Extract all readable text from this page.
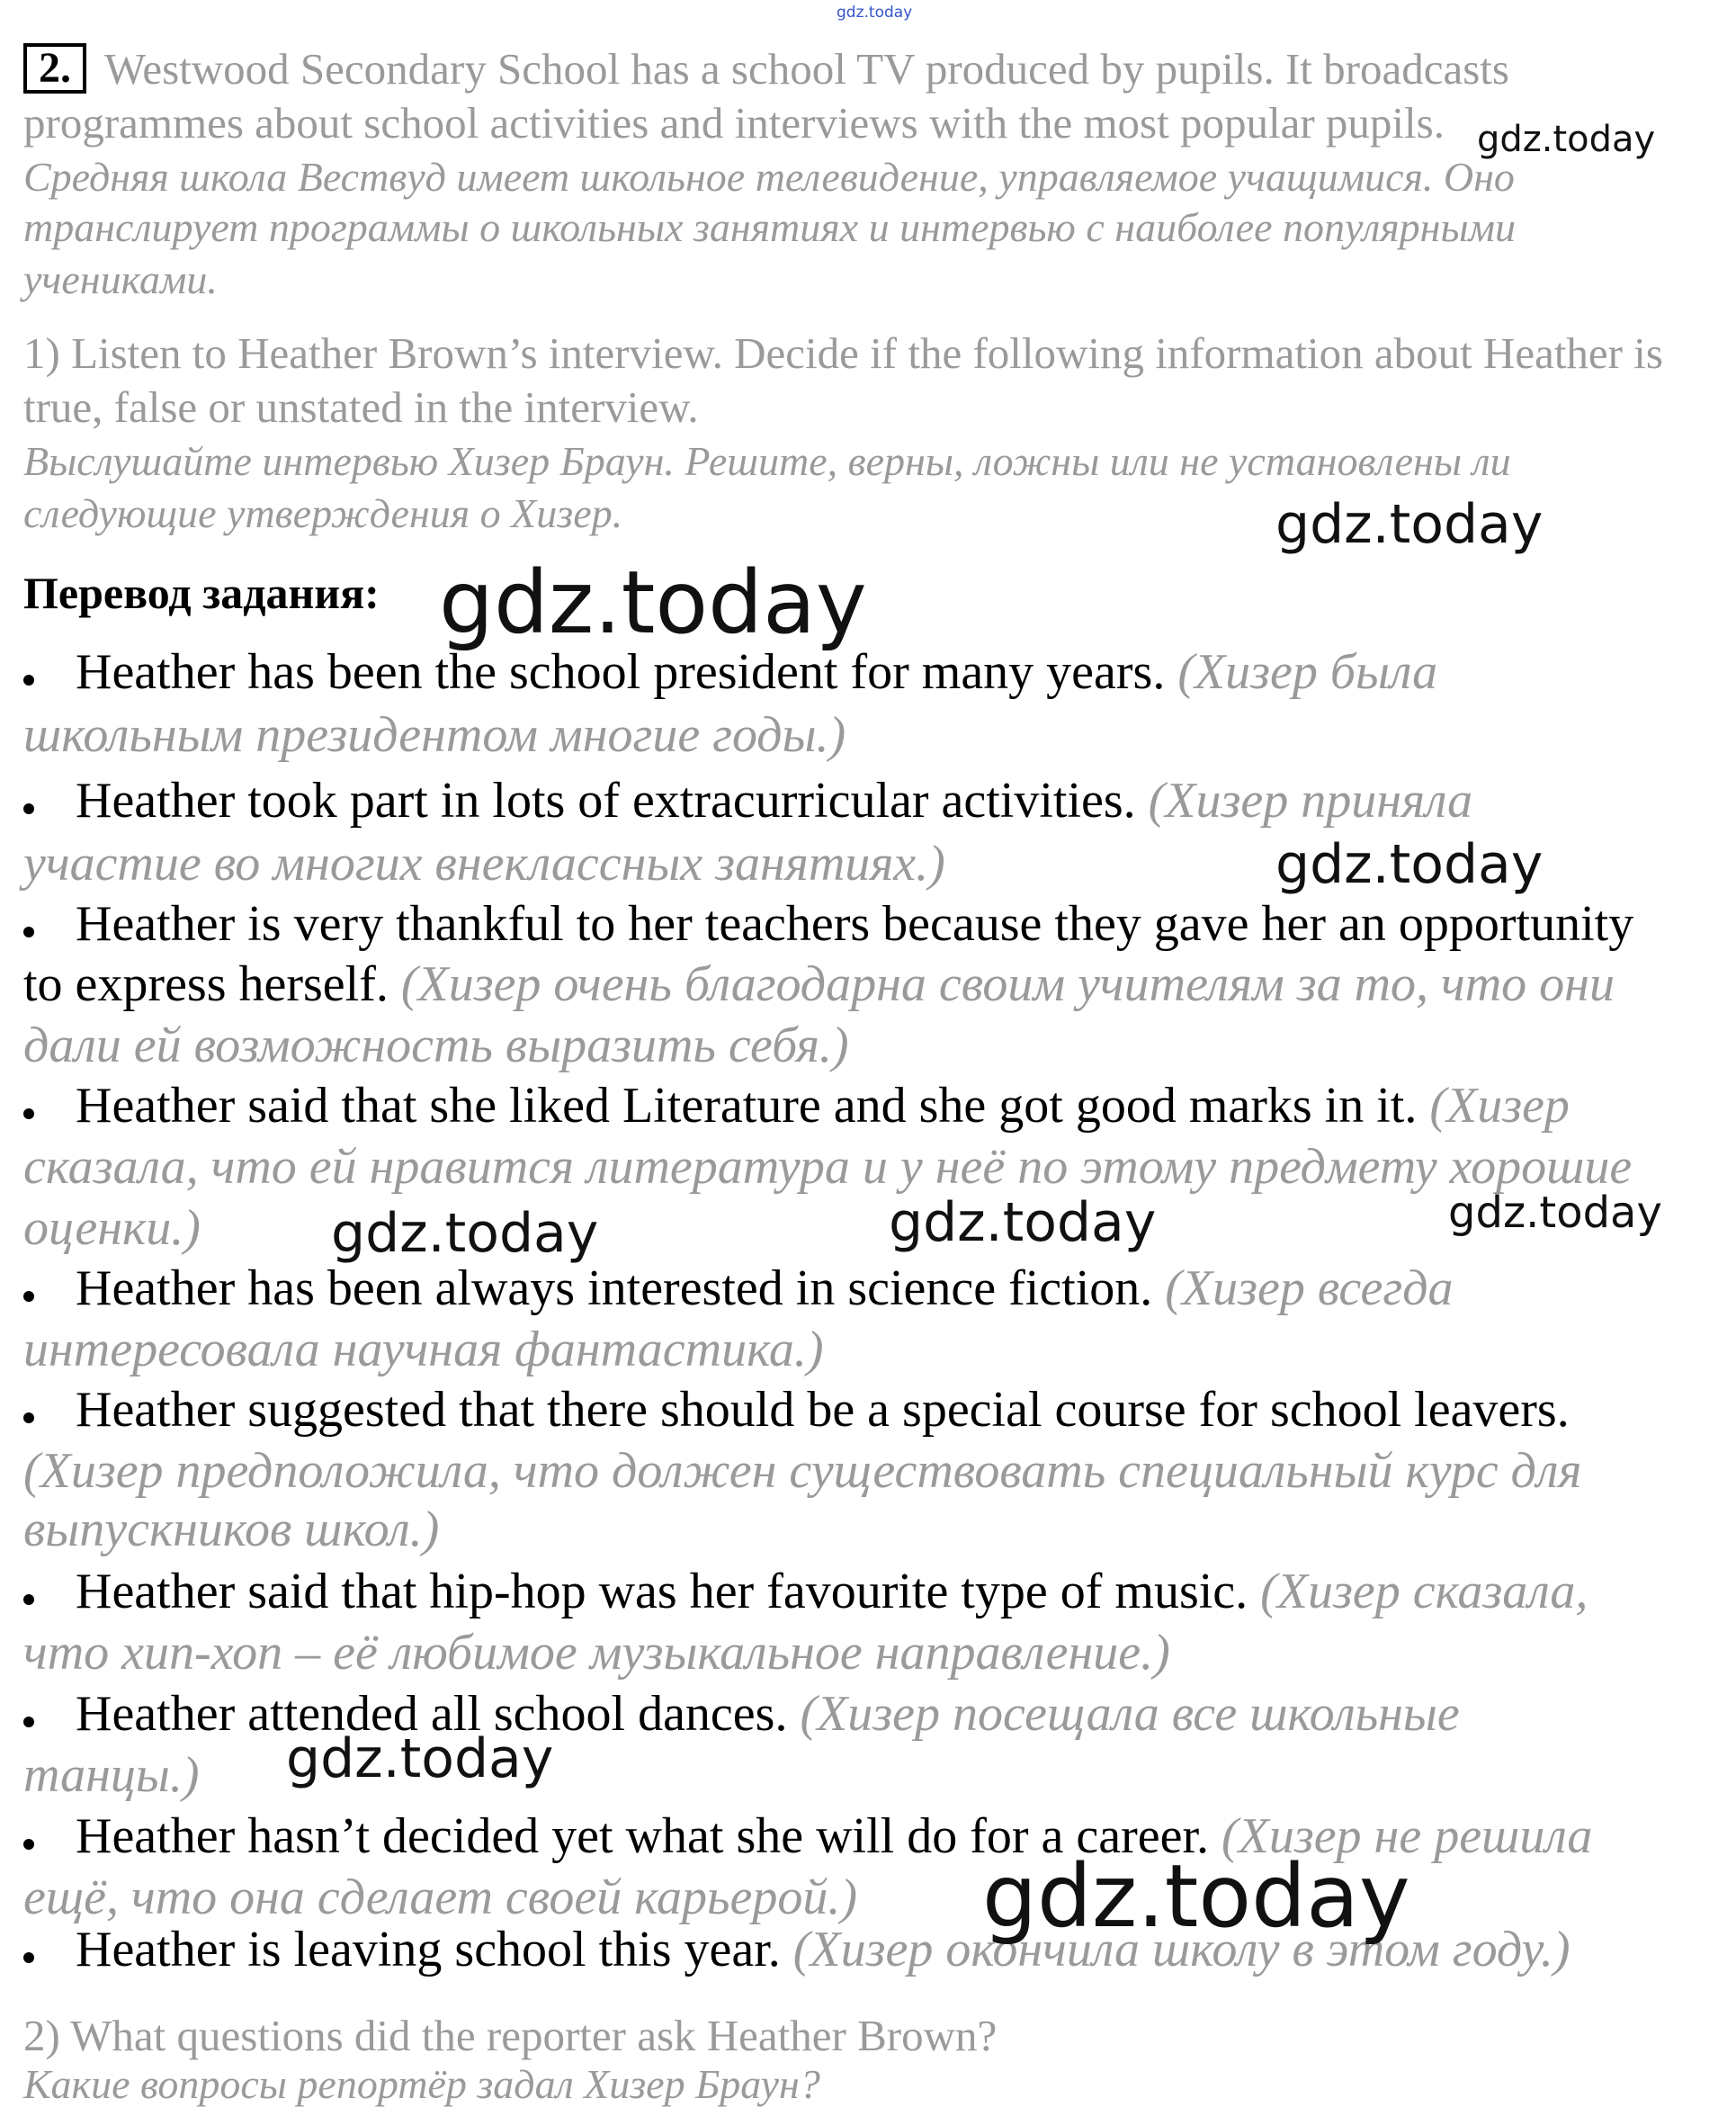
gdz.today
2. Westwood Secondary School has a school TV produced by pupils. It broadcasts
programmes about school activities and interviews with the most popular pupils.
Средняя школа Вествуд имеет школьное телевидение, управляемое учащимися. Оно
транслирует программы о школьных занятиях и интервью с наиболее популярными
учениками.
1) Listen to Heather Brown’s interview. Decide if the following information about Heather is
true, false or unstated in the interview.
Выслушайте интервью Хизер Браун. Решите, верны, ложны или не установлены ли
следующие утверждения о Хизер.
Перевод задания:
Heather has been the school president for many years. (Хизер была
школьным президентом многие годы.)
Heather took part in lots of extracurricular activities. (Хизер приняла
участие во многих внеклассных занятиях.)
Heather is very thankful to her teachers because they gave her an opportunity
to express herself. (Хизер очень благодарна своим учителям за то, что они
дали ей возможность выразить себя.)
Heather said that she liked Literature and she got good marks in it. (Хизер
сказала, что ей нравится литература и у неё по этому предмету хорошие
оценки.)
Heather has been always interested in science fiction. (Хизер всегда
интересовала научная фантастика.)
Heather suggested that there should be a special course for school leavers.
(Хизер предположила, что должен существовать специальный курс для
выпускников школ.)
Heather said that hip-hop was her favourite type of music. (Хизер сказала,
что хип-хоп – её любимое музыкальное направление.)
Heather attended all school dances. (Хизер посещала все школьные
танцы.)
Heather hasn’t decided yet what she will do for a career. (Хизер не решила
ещё, что она сделает своей карьерой.)
Heather is leaving school this year. (Хизер окончила школу в этом году.)
2) What questions did the reporter ask Heather Brown?
Какие вопросы репортёр задал Хизер Браун?
gdz.today
gdz.today
gdz.today
gdz.today
gdz.today	gdz.today	gdz.today
gdz.today
gdz.today
